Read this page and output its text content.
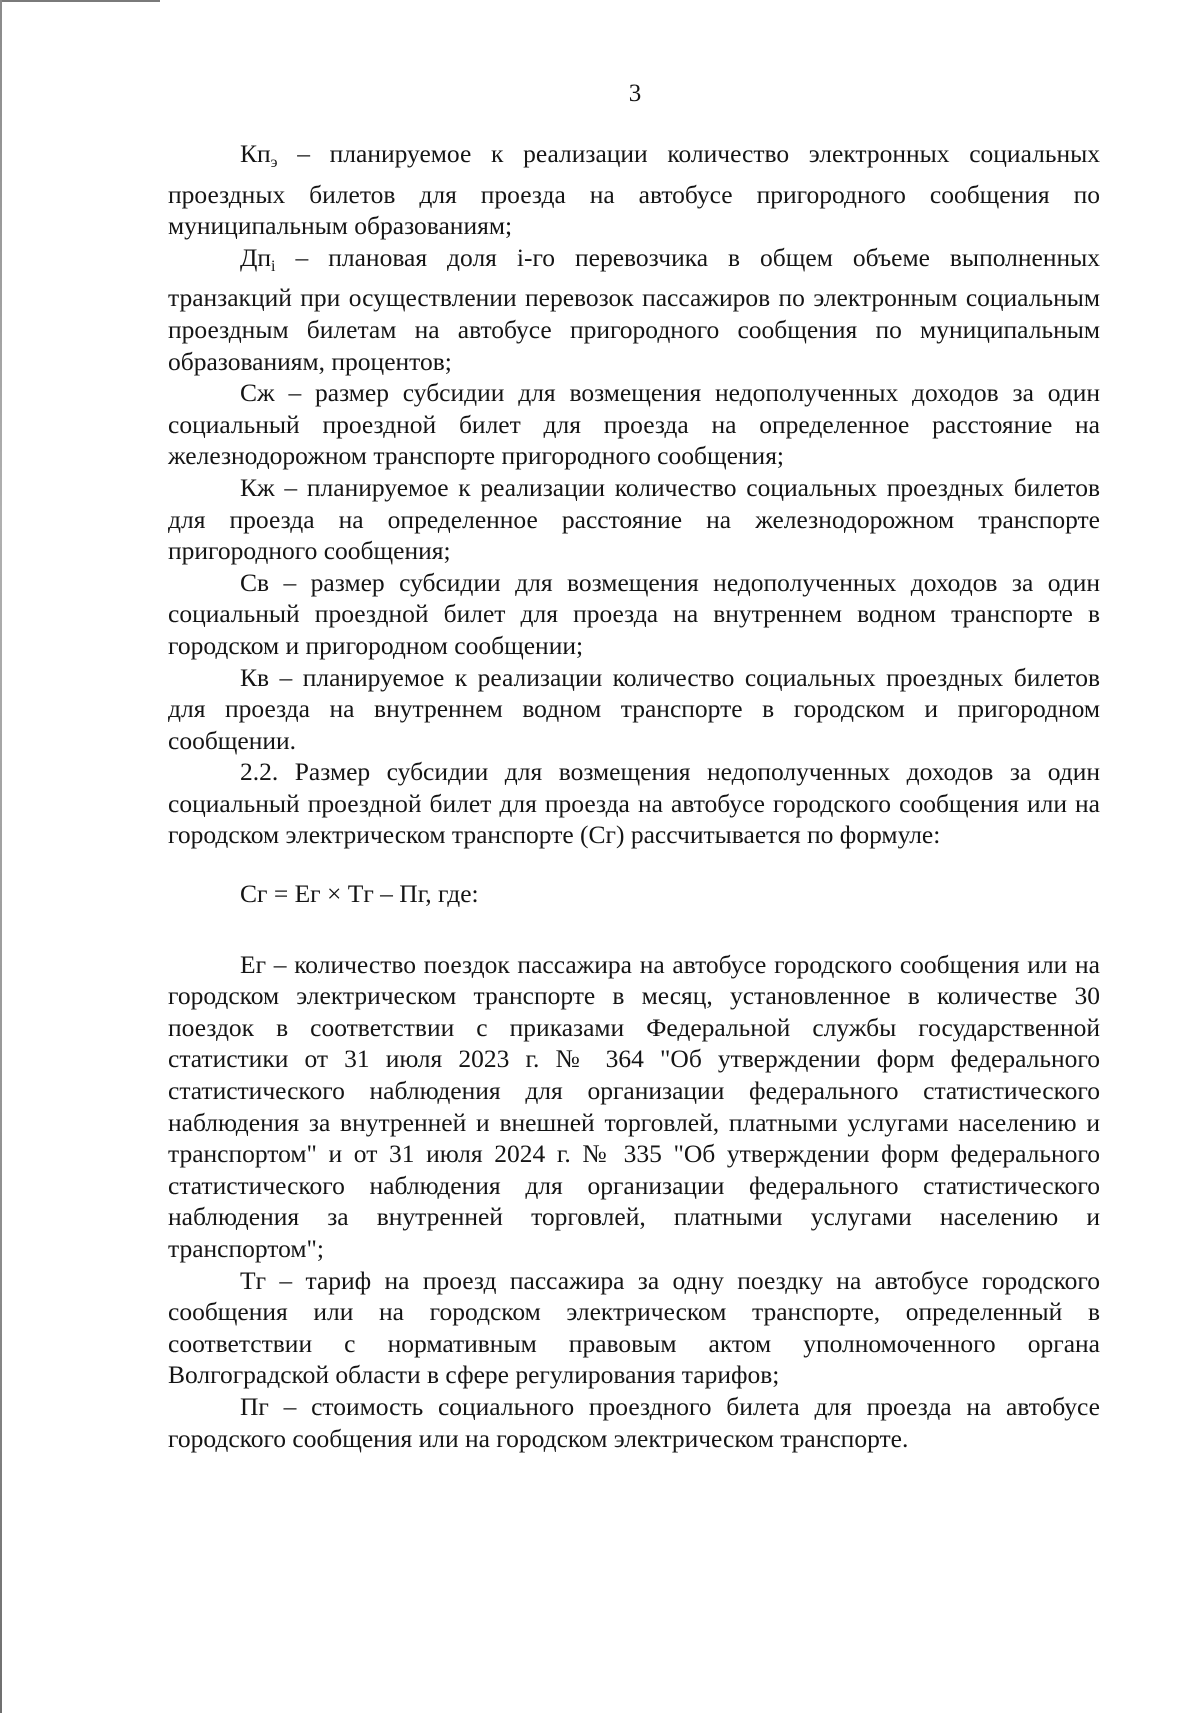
3

$Кп_э$ – планируемое к реализации количество электронных социальных проездных билетов для проезда на автобусе пригородного сообщения по муниципальным образованиям;

$Дп_i$ – плановая доля i-го перевозчика в общем объеме выполненных транзакций при осуществлении перевозок пассажиров по электронным социальным проездным билетам на автобусе пригородного сообщения по муниципальным образованиям, процентов;

Сж – размер субсидии для возмещения недополученных доходов за один социальный проездной билет для проезда на определенное расстояние на железнодорожном транспорте пригородного сообщения;

Кж – планируемое к реализации количество социальных проездных билетов для проезда на определенное расстояние на железнодорожном транспорте пригородного сообщения;

Св – размер субсидии для возмещения недополученных доходов за один социальный проездной билет для проезда на внутреннем водном транспорте в городском и пригородном сообщении;

Кв – планируемое к реализации количество социальных проездных билетов для проезда на внутреннем водном транспорте в городском и пригородном сообщении.

2.2. Размер субсидии для возмещения недополученных доходов за один социальный проездной билет для проезда на автобусе городского сообщения или на городском электрическом транспорте (Сг) рассчитывается по формуле:

Сг = Ег × Тг – Пг, где:

Ег – количество поездок пассажира на автобусе городского сообщения или на городском электрическом транспорте в месяц, установленное в количестве 30 поездок в соответствии с приказами Федеральной службы государственной статистики от 31 июля 2023 г. № 364 "Об утверждении форм федерального статистического наблюдения для организации федерального статистического наблюдения за внутренней и внешней торговлей, платными услугами населению и транспортом" и от 31 июля 2024 г. № 335 "Об утверждении форм федерального статистического наблюдения для организации федерального статистического наблюдения за внутренней торговлей, платными услугами населению и транспортом";

Тг – тариф на проезд пассажира за одну поездку на автобусе городского сообщения или на городском электрическом транспорте, определенный в соответствии с нормативным правовым актом уполномоченного органа Волгоградской области в сфере регулирования тарифов;

Пг – стоимость социального проездного билета для проезда на автобусе городского сообщения или на городском электрическом транспорте.
